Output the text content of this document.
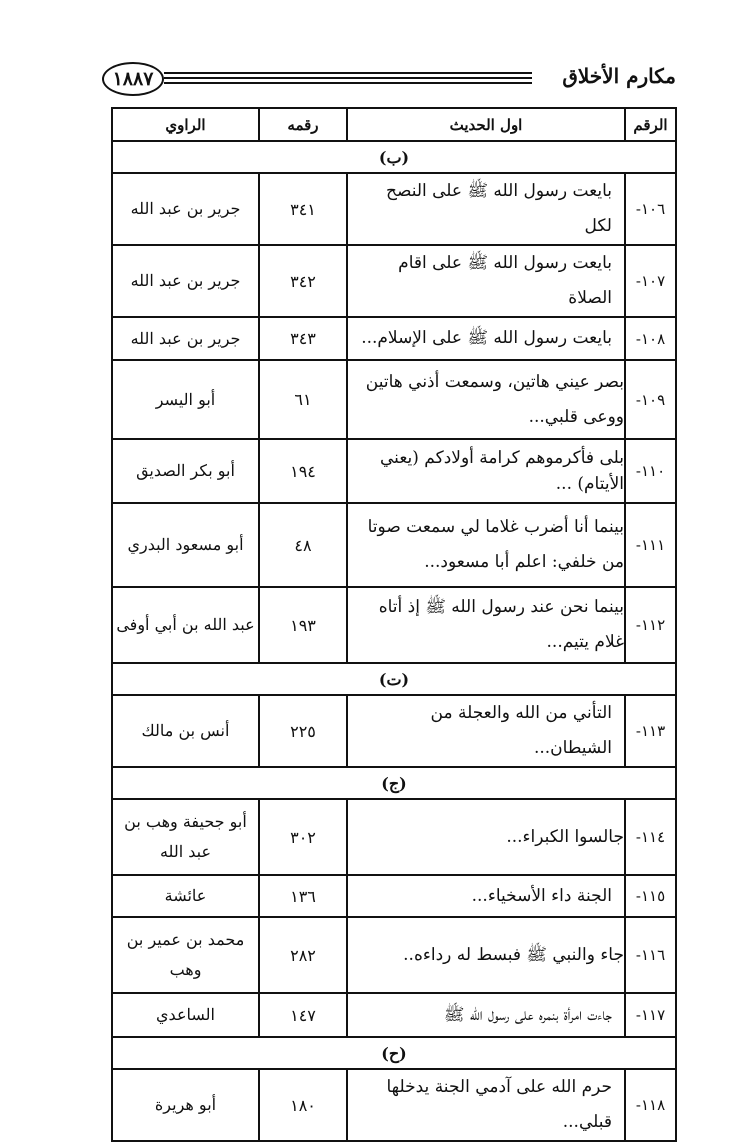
١٨٨٧	مكارم الأخلاق
الرقم	اول الحديث	رقمه	الراوي
(ب)			
١٠٦-	بايعت رسول الله ﷺ على النصح لكل	٣٤١	جرير بن عبد الله
١٠٧-	بايعت رسول الله ﷺ على اقام الصلاة	٣٤٢	جرير بن عبد الله
١٠٨-	بايعت رسول الله ﷺ على الإسلام...	٣٤٣	جرير بن عبد الله
١٠٩-	بصر عيني هاتين، وسمعت أذني هاتين ووعى قلبي...	٦١	أبو اليسر
١١٠-	بلى فأكرموهم كرامة أولادكم (يعني الأيتام) ...	١٩٤	أبو بكر الصديق
١١١-	بينما أنا أضرب غلاما لي سمعت صوتا من خلفي: اعلم أبا مسعود...	٤٨	أبو مسعود البدري
١١٢-	بينما نحن عند رسول الله ﷺ إذ أتاه غلام يتيم...	١٩٣	عبد الله بن أبي أوفى
(ت)			
١١٣-	التأني من الله والعجلة من الشيطان...	٢٢٥	أنس بن مالك
(ج)			
١١٤-	جالسوا الكبراء...	٣٠٢	أبو جحيفة وهب بن عبد الله
١١٥-	الجنة داء الأسخياء...	١٣٦	عائشة
١١٦-	جاء والنبي ﷺ فبسط له رداءه..	٢٨٢	محمد بن عمير بن وهب
١١٧-	جاءت امرأة بنمره على رسول الله ﷺ	١٤٧	الساعدي
(ح)			
١١٨-	حرم الله على آدمي الجنة يدخلها قبلي...	١٨٠	أبو هريرة
